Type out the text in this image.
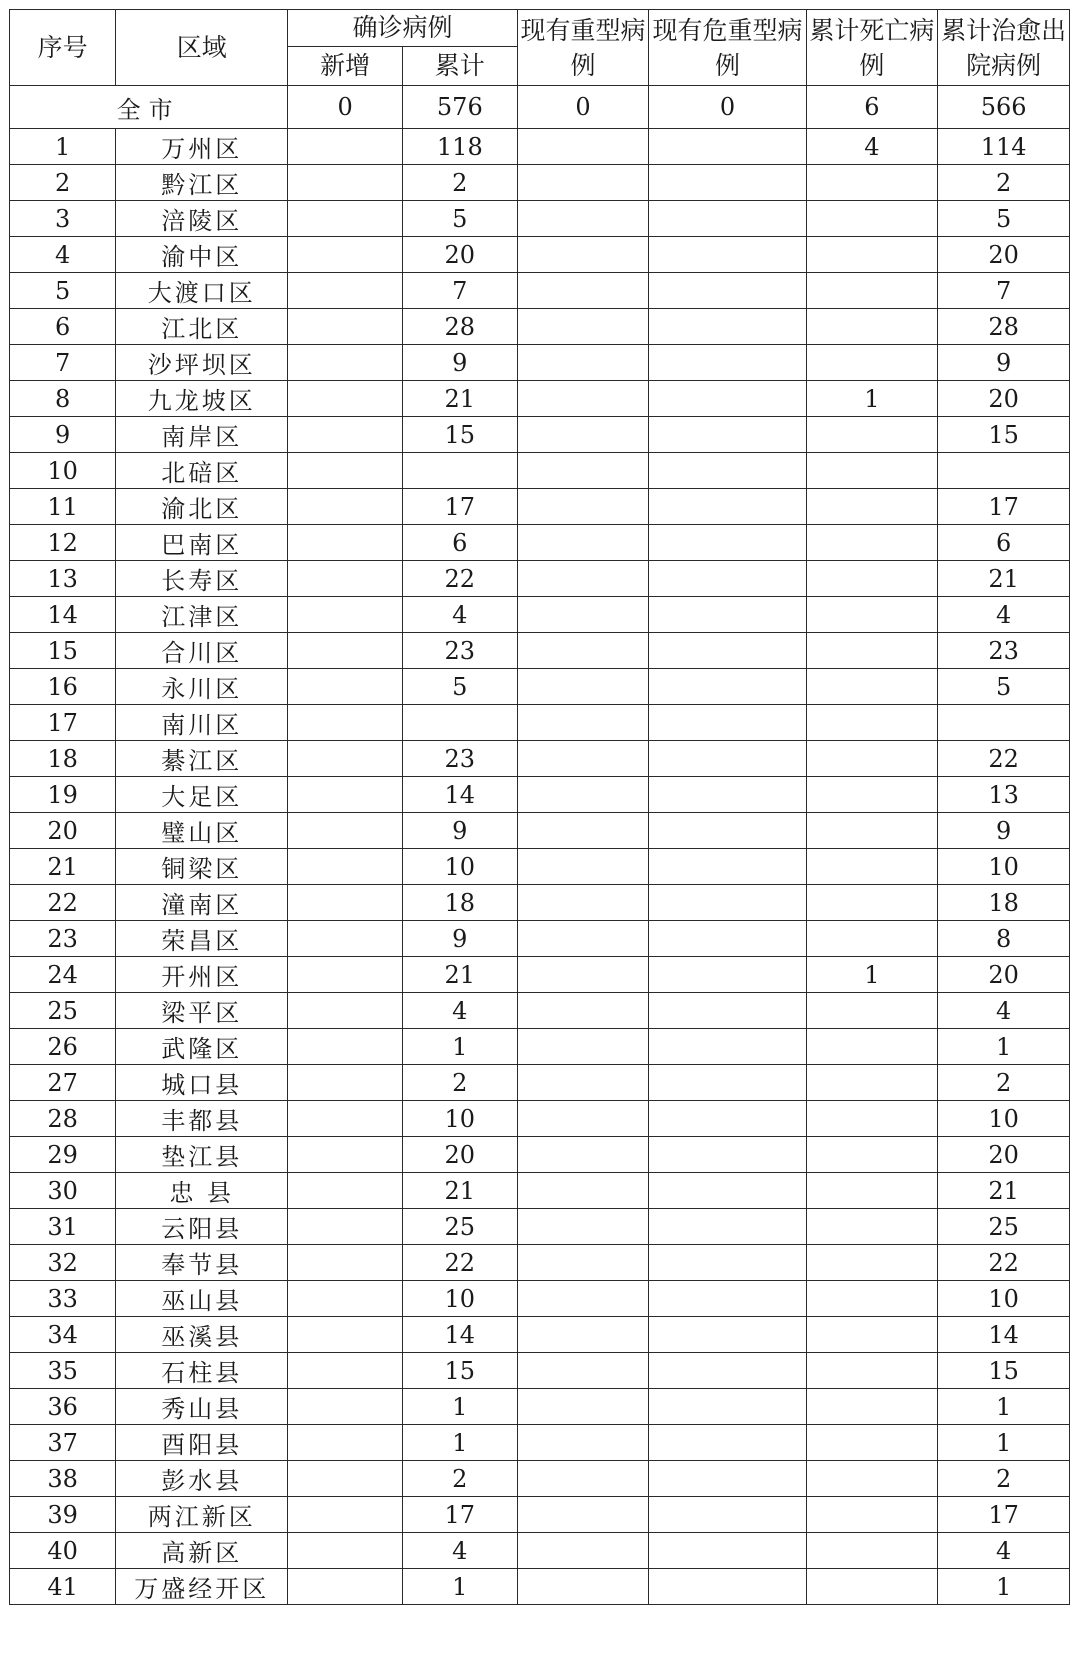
序号	区域	确诊病例		现有重型病例	现有危重型病例	累计死亡病例	累计治愈出院病例
		新增	累计				
全市		0	576	0	0	6	566
1	万州区		118			4	114
2	黔江区		2				2
3	涪陵区		5				5
4	渝中区		20				20
5	大渡口区		7				7
6	江北区		28				28
7	沙坪坝区		9				9
8	九龙坡区		21			1	20
9	南岸区		15				15
10	北碚区						
11	渝北区		17				17
12	巴南区		6				6
13	长寿区		22				21
14	江津区		4				4
15	合川区		23				23
16	永川区		5				5
17	南川区						
18	綦江区		23				22
19	大足区		14				13
20	璧山区		9				9
21	铜梁区		10				10
22	潼南区		18				18
23	荣昌区		9				8
24	开州区		21			1	20
25	梁平区		4				4
26	武隆区		1				1
27	城口县		2				2
28	丰都县		10				10
29	垫江县		20				20
30	忠 县		21				21
31	云阳县		25				25
32	奉节县		22				22
33	巫山县		10				10
34	巫溪县		14				14
35	石柱县		15				15
36	秀山县		1				1
37	酉阳县		1				1
38	彭水县		2				2
39	两江新区		17				17
40	高新区		4				4
41	万盛经开区		1				1
